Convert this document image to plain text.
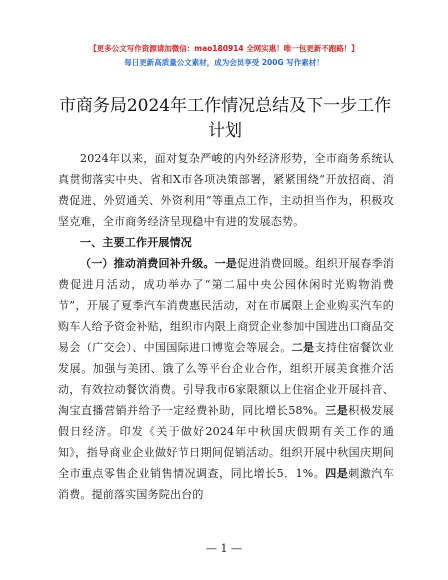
【更多公文写作资源请加微信：mao180914 全网实惠！唯一包更新不跑路！】
每日更新高质量公文素材，成为会员享受 200G 写作素材！
市商务局2024年工作情况总结及下一步工作计划

2024年以来，面对复杂严峻的内外经济形势，全市商务系统认真贯彻落实中央、省和X市各项决策部署，紧紧围绕“开放招商、消费促进、外贸通关、外资利用”等重点工作，主动担当作为，积极攻坚克难，全市商务经济呈现稳中有进的发展态势。

一、主要工作开展情况

（一）推动消费回补升级。一是促进消费回暖。组织开展春季消费促进月活动，成功举办了“第二届中央公园休闲时光购物消费节”，开展了夏季汽车消费惠民活动，对在市属限上企业购买汽车的购车人给予资金补贴，组织市内限上商贸企业参加中国进出口商品交易会（广交会）、中国国际进口博览会等展会。二是支持住宿餐饮业发展。加强与美团、饿了么等平台企业合作，组织开展美食推介活动，有效拉动餐饮消费。引导我市6家限额以上住宿企业开展抖音、淘宝直播营销并给予一定经费补助，同比增长58%。三是积极发展假日经济。印发《关于做好2024年中秋国庆假期有关工作的通知》，指导商业企业做好节日期间促销活动。组织开展中秋国庆期间全市重点零售企业销售情况调查，同比增长5．1%。四是刺激汽车消费。提前落实国务院出台的

— 1 —
